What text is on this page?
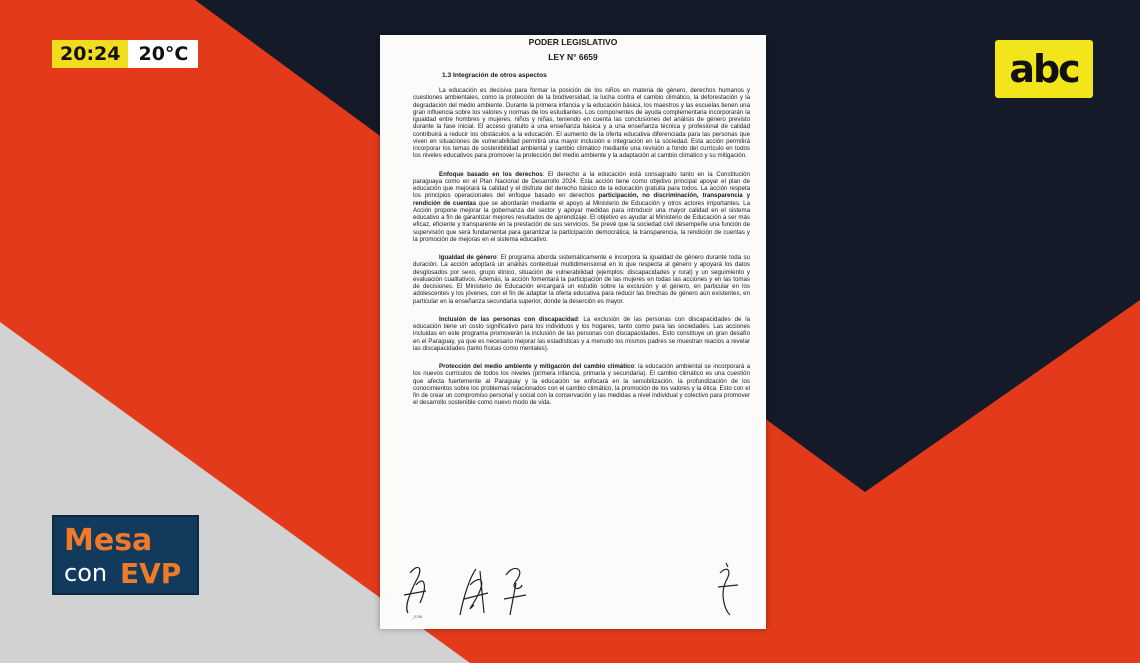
20:24 20°C	abc
Mesa
con EVP
PODER LEGISLATIVO
LEY N° 6659
1.3 Integración de otros aspectos

La educación es decisiva para formar la posición de los niños en materia de género, derechos humanos y cuestiones ambientales, como la protección de la biodiversidad, la lucha contra el cambio climático, la deforestación y la degradación del medio ambiente. Durante la primera infancia y la educación básica, los maestros y las escuelas tienen una gran influencia sobre los valores y normas de los estudiantes. Los componentes de ayuda complementaria incorporarán la igualdad entre hombres y mujeres, niños y niñas, teniendo en cuenta las conclusiones del análisis de género previsto durante la fase inicial. El acceso gratuito a una enseñanza básica y a una enseñanza técnica y profesional de calidad contribuirá a reducir los obstáculos a la educación. El aumento de la oferta educativa diferenciada para las personas que viven en situaciones de vulnerabilidad permitirá una mayor inclusión e integración en la sociedad. Esta acción permitirá incorporar los temas de sostenibilidad ambiental y cambio climático mediante una revisión a fondo del currículo en todos los niveles educativos para promover la protección del medio ambiente y la adaptación al cambio climático y su mitigación.

Enfoque basado en los derechos: El derecho a la educación está consagrado tanto en la Constitución paraguaya como en el Plan Nacional de Desarrollo 2024. Esta acción tiene como objetivo principal apoyar el plan de educación que mejorará la calidad y el disfrute del derecho básico de la educación gratuita para todos. La acción respeta los principios operacionales del enfoque basado en derechos participación, no discriminación, transparencia y rendición de cuentas que se abordarán mediante el apoyo al Ministerio de Educación y otros actores importantes. La Acción propone mejorar la gobernanza del sector y apoyar medidas para introducir una mayor calidad en el sistema educativo a fin de garantizar mejores resultados de aprendizaje. El objetivo es ayudar al Ministerio de Educación a ser más eficaz, eficiente y transparente en la prestación de sus servicios. Se prevé que la sociedad civil desempeñe una función de supervisión que será fundamental para garantizar la participación democrática, la transparencia, la rendición de cuentas y la promoción de mejoras en el sistema educativo.

Igualdad de género: El programa aborda sistemáticamente e incorpora la igualdad de género durante toda su duración. La acción adoptará un análisis contextual multidimensional en lo que respecta al género y apoyará los datos desglosados por sexo, grupo étnico, situación de vulnerabilidad (ejemplos: discapacidades y rural) y un seguimiento y evaluación cualitativos. Además, la acción fomentará la participación de las mujeres en todas las acciones y en las tomas de decisiones. El Ministerio de Educación encargará un estudio sobre la exclusión y el género, en particular en los adolescentes y los jóvenes, con el fin de adaptar la oferta educativa para reducir las brechas de género aún existentes, en particular en la enseñanza secundaria superior, donde la deserción es mayor.

Inclusión de las personas con discapacidad: La exclusión de las personas con discapacidades de la educación tiene un costo significativo para los individuos y los hogares, tanto como para las sociedades. Las acciones incluidas en este programa promoverán la inclusión de las personas con discapacidades. Esto constituye un gran desafío en el Paraguay, ya que es necesario mejorar las estadísticas y a menudo los mismos padres se muestran reacios a revelar las discapacidades (tanto físicas como mentales).

Protección del medio ambiente y mitigación del cambio climático: la educación ambiental se incorporará a los nuevos currículos de todos los niveles (primera infancia, primaria y secundaria). El cambio climático es una cuestión que afecta fuertemente al Paraguay y la educación se enfocará en la sensibilización, la profundización de los conocimientos sobre los problemas relacionados con el cambio climático, la promoción de los valores y la ética. Esto con el fin de crear un compromiso personal y social con la conservación y las medidas a nivel individual y colectivo para promover el desarrollo sostenible como nuevo modo de vida.

_EJM
